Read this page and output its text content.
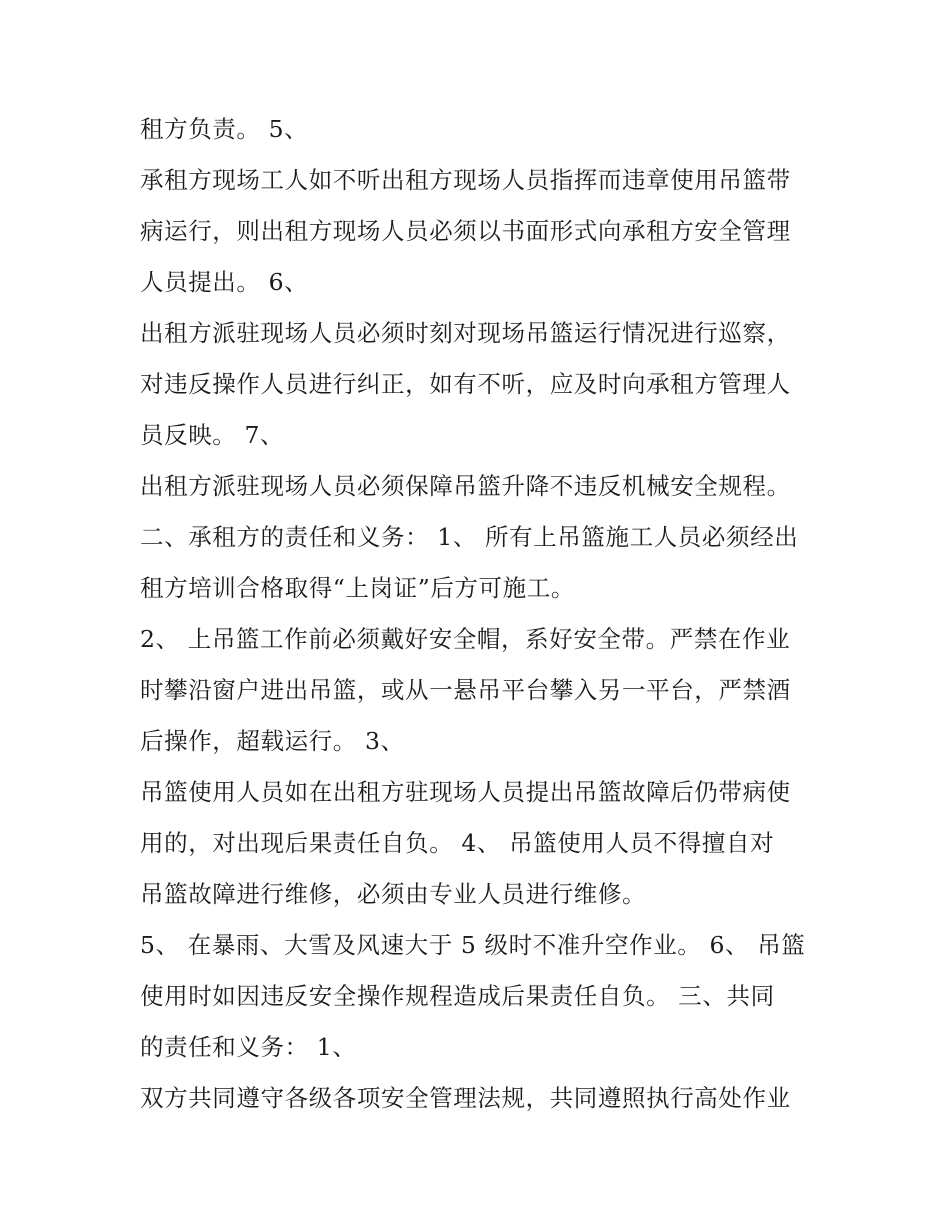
租方负责。 5、
承租方现场工人如不听出租方现场人员指挥而违章使用吊篮带
病运行，则出租方现场人员必须以书面形式向承租方安全管理
人员提出。 6、
出租方派驻现场人员必须时刻对现场吊篮运行情况进行巡察，
对违反操作人员进行纠正，如有不听，应及时向承租方管理人
员反映。 7、
出租方派驻现场人员必须保障吊篮升降不违反机械安全规程。
二、承租方的责任和义务： 1、 所有上吊篮施工人员必须经出
租方培训合格取得“上岗证”后方可施工。
2、 上吊篮工作前必须戴好安全帽，系好安全带。严禁在作业
时攀沿窗户进出吊篮，或从一悬吊平台攀入另一平台，严禁酒
后操作，超载运行。 3、
吊篮使用人员如在出租方驻现场人员提出吊篮故障后仍带病使
用的，对出现后果责任自负。 4、 吊篮使用人员不得擅自对
吊篮故障进行维修，必须由专业人员进行维修。
5、 在暴雨、大雪及风速大于 5 级时不准升空作业。 6、 吊篮
使用时如因违反安全操作规程造成后果责任自负。 三、共同
的责任和义务： 1、
双方共同遵守各级各项安全管理法规，共同遵照执行高处作业
